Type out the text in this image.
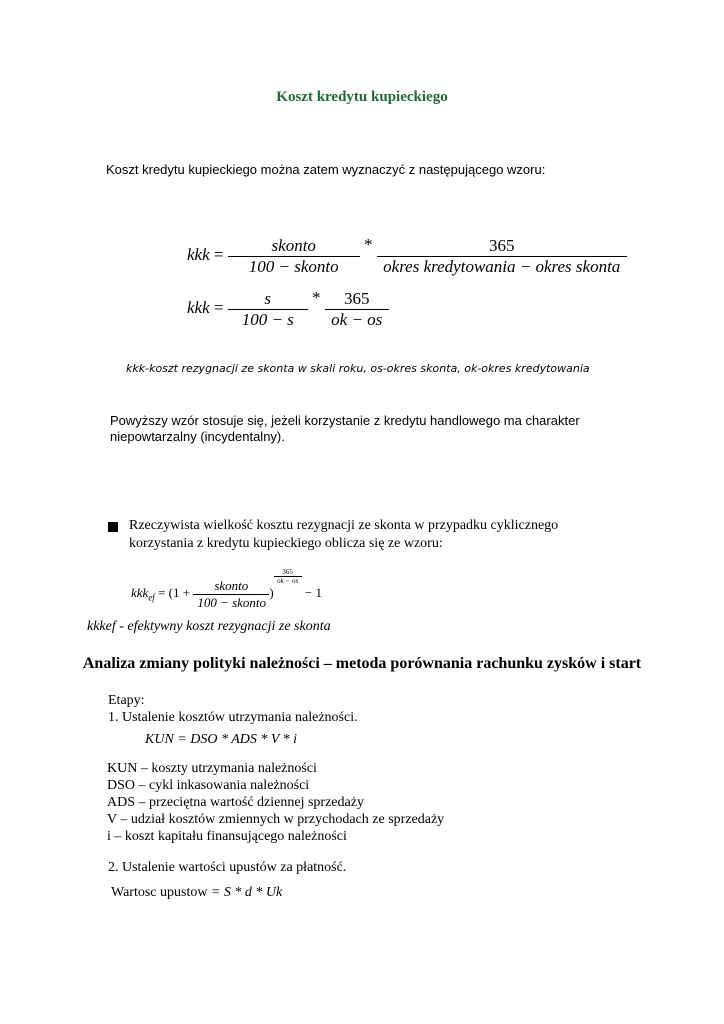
Koszt kredytu kupieckiego
Koszt kredytu kupieckiego można zatem wyznaczyć z następującego wzoru:
kkk = $\frac{\text{skonto}}{\text{100 − skonto}} * \frac{365}{\text{okres kredytowania − okres skonta}}$
kkk = $\frac{s}{100 - s} * \frac{365}{ok - os}$
kkk-koszt rezygnacji ze skonta w skali roku, os-okres skonta, ok-okres kredytowania
Powyższy wzór stosuje się, jeżeli korzystanie z kredytu handlowego ma charakter niepowtarzalny (incydentalny).
Rzeczywista wielkość kosztu rezygnacji ze skonta w przypadku cyklicznego korzystania z kredytu kupieckiego oblicza się ze wzoru:
$kkk_{ef} = (1 + \frac{\text{skonto}}{\text{100 − skonto}}$ )
$\frac{365}{ok - os}$
− 1
kkkef - efektywny koszt rezygnacji ze skonta
Analiza zmiany polityki należności – metoda porównania rachunku zysków i start
Etapy:
1. Ustalenie kosztów utrzymania należności.
KUN = DSO * ADS * V * i
KUN – koszty utrzymania należności
DSO – cykl inkasowania należności
ADS – przeciętna wartość dziennej sprzedaży
V – udział kosztów zmiennych w przychodach ze sprzedaży
i – koszt kapitału finansującego należności
2. Ustalenie wartości upustów za płatność.
Wartosc upustow = S * d * Uk
